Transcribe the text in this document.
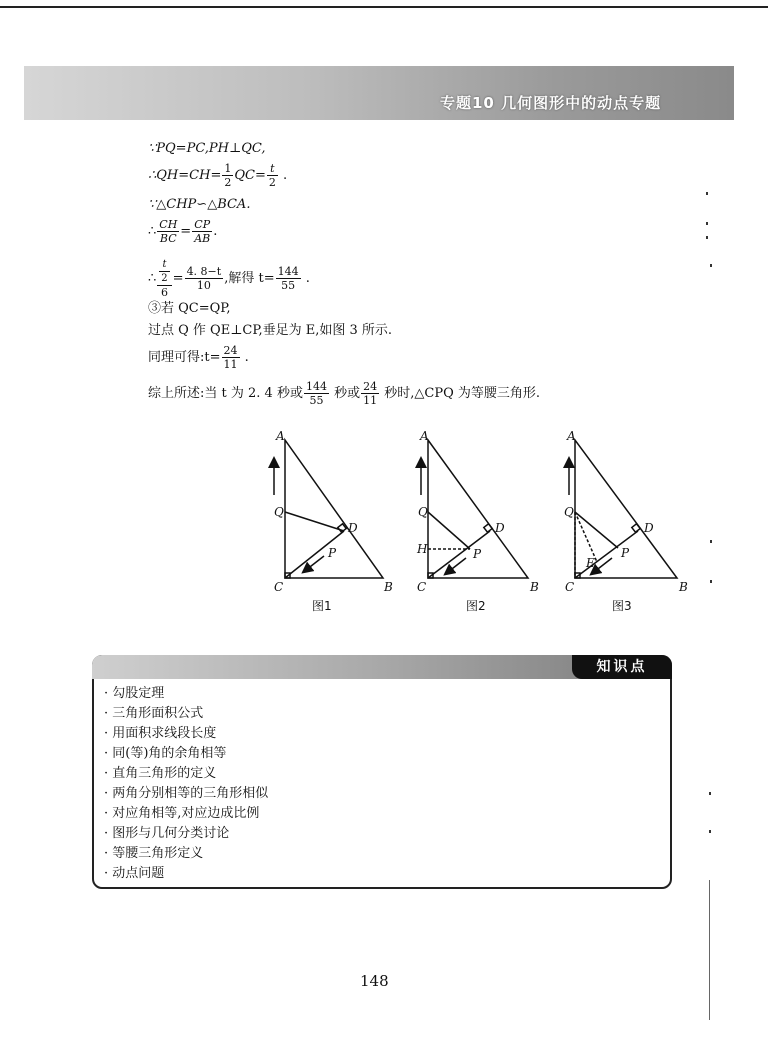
专题10 几何图形中的动点专题
∵PQ=PC,PH⊥QC,
∴QH=CH= $\frac{1}{2} QC= \frac{t}{2}$ .
∵△CHP∽△BCA.
∴ $\frac{CH}{BC} = \frac{CP}{AB}$ .
∴ $\frac{\frac{t}{2}}{6} = \frac{4. 8-t}{10}$ ,解得 $t= \frac{144}{55}$ .
③若 QC=QP,
过点 Q 作 QE⊥CP,垂足为 E,如图 3 所示.
同理可得:t= $\frac{24}{11}$ .
综上所述:当 t 为 2. 4 秒或 $\frac{144}{55}$ 秒或 $\frac{24}{11}$ 秒时,△CPQ 为等腰三角形.
A
Q
D
P
C	B
A
Q
D
P
H
C	B
A
Q
D
P
E
C	B
图1	图2	图3
知识点
· 勾股定理
· 三角形面积公式
· 用面积求线段长度
· 同(等)角的余角相等
· 直角三角形的定义
· 两角分别相等的三角形相似
· 对应角相等,对应边成比例
· 图形与几何分类讨论
· 等腰三角形定义
· 动点问题
148
